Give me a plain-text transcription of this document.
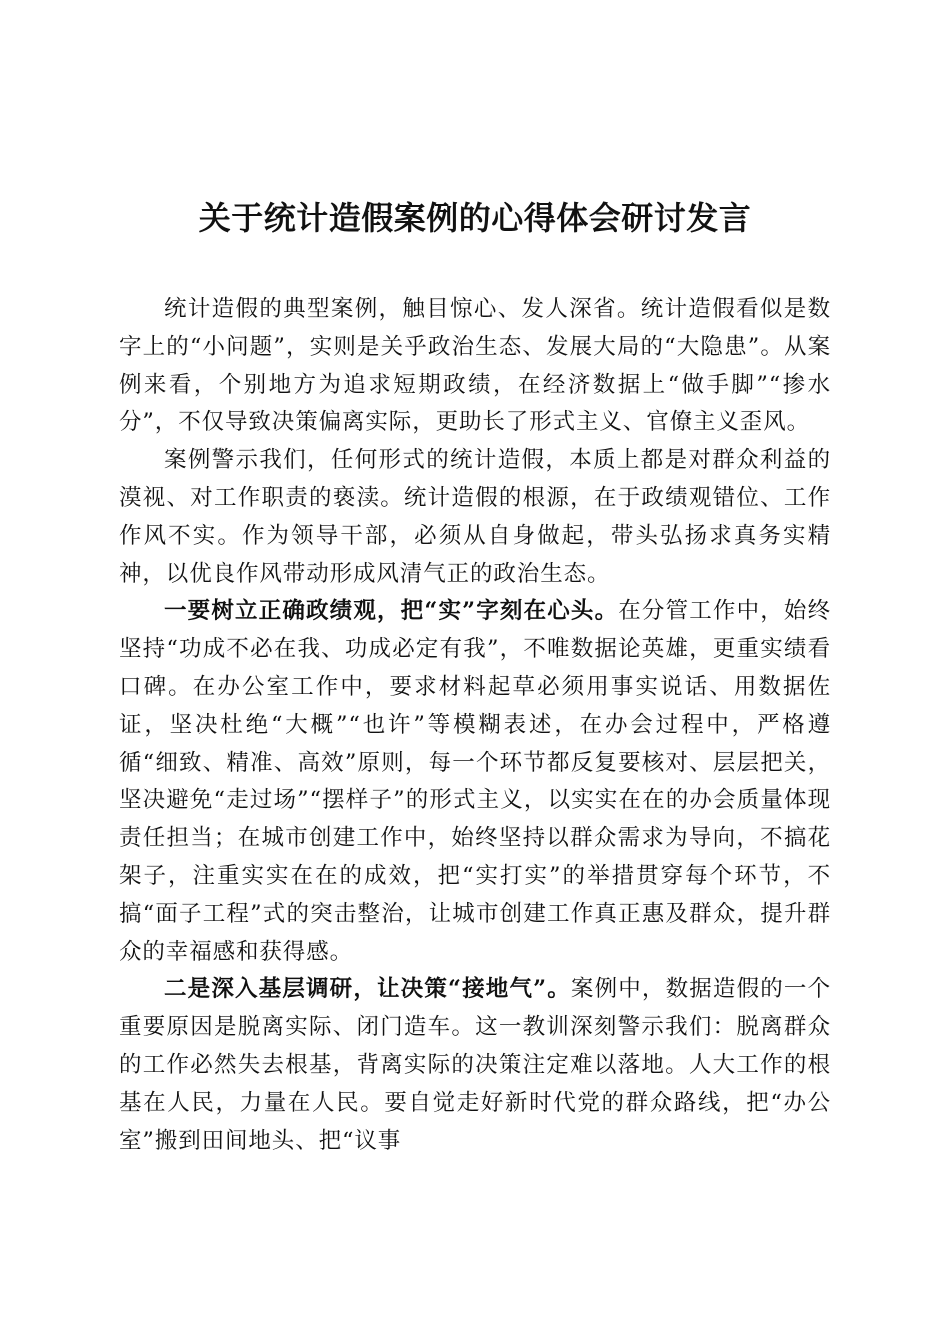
关于统计造假案例的心得体会研讨发言

统计造假的典型案例，触目惊心、发人深省。统计造假看似是数字上的“小问题”，实则是关乎政治生态、发展大局的“大隐患”。从案例来看，个别地方为追求短期政绩，在经济数据上“做手脚”“掺水分”，不仅导致决策偏离实际，更助长了形式主义、官僚主义歪风。

案例警示我们，任何形式的统计造假，本质上都是对群众利益的漠视、对工作职责的亵渎。统计造假的根源，在于政绩观错位、工作作风不实。作为领导干部，必须从自身做起，带头弘扬求真务实精神，以优良作风带动形成风清气正的政治生态。

一要树立正确政绩观，把“实”字刻在心头。在分管工作中，始终坚持“功成不必在我、功成必定有我”，不唯数据论英雄，更重实绩看口碑。在办公室工作中，要求材料起草必须用事实说话、用数据佐证，坚决杜绝“大概”“也许”等模糊表述，在办会过程中，严格遵循“细致、精准、高效”原则，每一个环节都反复要核对、层层把关，坚决避免“走过场”“摆样子”的形式主义，以实实在在的办会质量体现责任担当；在城市创建工作中，始终坚持以群众需求为导向，不搞花架子，注重实实在在的成效，把“实打实”的举措贯穿每个环节，不搞“面子工程”式的突击整治，让城市创建工作真正惠及群众，提升群众的幸福感和获得感。

二是深入基层调研，让决策“接地气”。案例中，数据造假的一个重要原因是脱离实际、闭门造车。这一教训深刻警示我们：脱离群众的工作必然失去根基，背离实际的决策注定难以落地。人大工作的根基在人民，力量在人民。要自觉走好新时代党的群众路线，把“办公室”搬到田间地头、把“议事
